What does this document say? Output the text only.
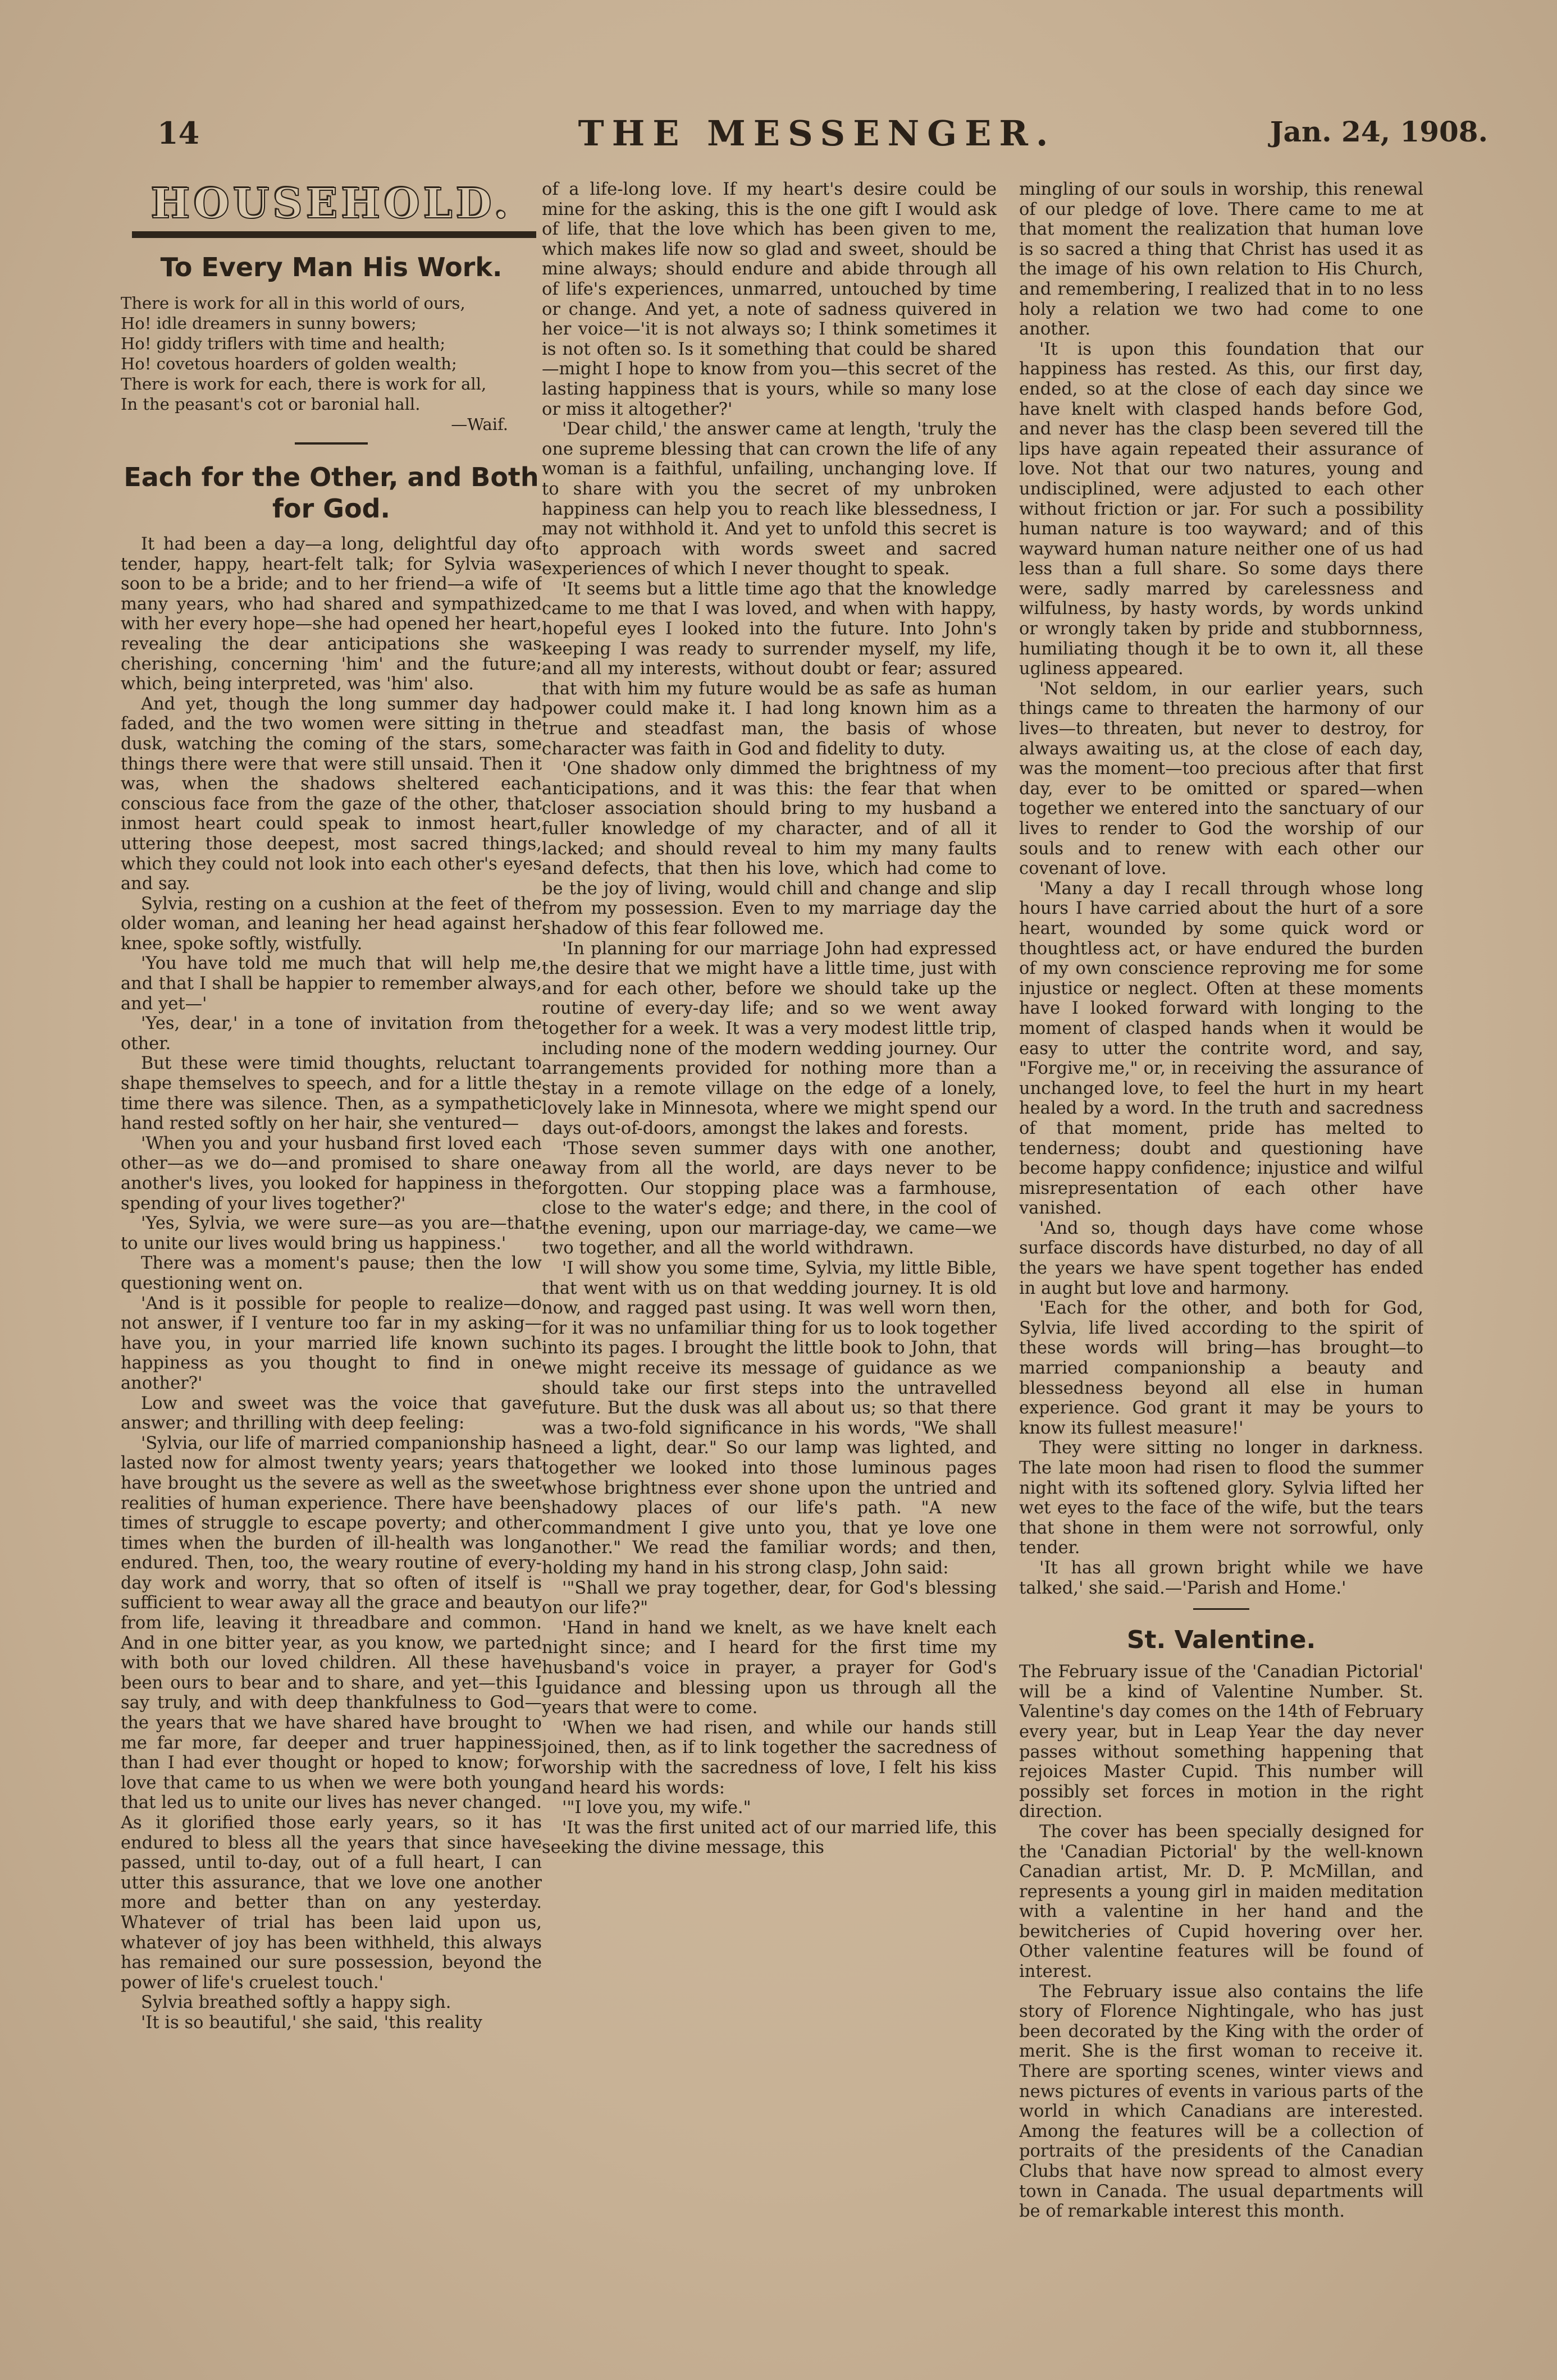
14	THE MESSENGER.	Jan. 24, 1908.
HOUSEHOLD.
To Every Man His Work.
There is work for all in this world of ours,
Ho! idle dreamers in sunny bowers;
Ho! giddy triflers with time and health;
Ho! covetous hoarders of golden wealth;
There is work for each, there is work for all,
In the peasant's cot or baronial hall.
—Waif.
Each for the Other, and Both for God.

It had been a day—a long, delightful day of tender, happy, heart-felt talk; for Sylvia was soon to be a bride; and to her friend—a wife of many years, who had shared and sympathized with her every hope—she had opened her heart, revealing the dear anticipations she was cherishing, concerning 'him' and the future; which, being interpreted, was 'him' also.

And yet, though the long summer day had faded, and the two women were sitting in the dusk, watching the coming of the stars, some things there were that were still unsaid. Then it was, when the shadows sheltered each conscious face from the gaze of the other, that inmost heart could speak to inmost heart, uttering those deepest, most sacred things, which they could not look into each other's eyes and say.

Sylvia, resting on a cushion at the feet of the older woman, and leaning her head against her knee, spoke softly, wistfully.

'You have told me much that will help me, and that I shall be happier to remember always, and yet—'

'Yes, dear,' in a tone of invitation from the other.

But these were timid thoughts, reluctant to shape themselves to speech, and for a little the time there was silence. Then, as a sympathetic hand rested softly on her hair, she ventured—

'When you and your husband first loved each other—as we do—and promised to share one another's lives, you looked for happiness in the spending of your lives together?'

'Yes, Sylvia, we were sure—as you are—that to unite our lives would bring us happiness.'

There was a moment's pause; then the low questioning went on.

'And is it possible for people to realize—do not answer, if I venture too far in my asking—have you, in your married life known such happiness as you thought to find in one another?'

Low and sweet was the voice that gave answer; and thrilling with deep feeling:

'Sylvia, our life of married companionship has lasted now for almost twenty years; years that have brought us the severe as well as the sweet realities of human experience. There have been times of struggle to escape poverty; and other times when the burden of ill-health was long endured. Then, too, the weary routine of every-day work and worry, that so often of itself is sufficient to wear away all the grace and beauty from life, leaving it threadbare and common. And in one bitter year, as you know, we parted with both our loved children. All these have been ours to bear and to share, and yet—this I say truly, and with deep thankfulness to God—the years that we have shared have brought to me far more, far deeper and truer happiness than I had ever thought or hoped to know; for love that came to us when we were both young that led us to unite our lives has never changed. As it glorified those early years, so it has endured to bless all the years that since have passed, until to-day, out of a full heart, I can utter this assurance, that we love one another more and better than on any yesterday. Whatever of trial has been laid upon us, whatever of joy has been withheld, this always has remained our sure possession, beyond the power of life's cruelest touch.'

Sylvia breathed softly a happy sigh.

'It is so beautiful,' she said, 'this reality

of a life-long love. If my heart's desire could be mine for the asking, this is the one gift I would ask of life, that the love which has been given to me, which makes life now so glad and sweet, should be mine always; should endure and abide through all of life's experiences, unmarred, untouched by time or change. And yet, a note of sadness quivered in her voice—'it is not always so; I think sometimes it is not often so. Is it something that could be shared—might I hope to know from you—this secret of the lasting happiness that is yours, while so many lose or miss it altogether?'

'Dear child,' the answer came at length, 'truly the one supreme blessing that can crown the life of any woman is a faithful, unfailing, unchanging love. If to share with you the secret of my unbroken happiness can help you to reach like blessedness, I may not withhold it. And yet to unfold this secret is to approach with words sweet and sacred experiences of which I never thought to speak.

'It seems but a little time ago that the knowledge came to me that I was loved, and when with happy, hopeful eyes I looked into the future. Into John's keeping I was ready to surrender myself, my life, and all my interests, without doubt or fear; assured that with him my future would be as safe as human power could make it. I had long known him as a true and steadfast man, the basis of whose character was faith in God and fidelity to duty.

'One shadow only dimmed the brightness of my anticipations, and it was this: the fear that when closer association should bring to my husband a fuller knowledge of my character, and of all it lacked; and should reveal to him my many faults and defects, that then his love, which had come to be the joy of living, would chill and change and slip from my possession. Even to my marriage day the shadow of this fear followed me.

'In planning for our marriage John had expressed the desire that we might have a little time, just with and for each other, before we should take up the routine of every-day life; and so we went away together for a week. It was a very modest little trip, including none of the modern wedding journey. Our arrangements provided for nothing more than a stay in a remote village on the edge of a lonely, lovely lake in Minnesota, where we might spend our days out-of-doors, amongst the lakes and forests.

'Those seven summer days with one another, away from all the world, are days never to be forgotten. Our stopping place was a farmhouse, close to the water's edge; and there, in the cool of the evening, upon our marriage-day, we came—we two together, and all the world withdrawn.

'I will show you some time, Sylvia, my little Bible, that went with us on that wedding journey. It is old now, and ragged past using. It was well worn then, for it was no unfamiliar thing for us to look together into its pages. I brought the little book to John, that we might receive its message of guidance as we should take our first steps into the untravelled future. But the dusk was all about us; so that there was a two-fold significance in his words, "We shall need a light, dear." So our lamp was lighted, and together we looked into those luminous pages whose brightness ever shone upon the untried and shadowy places of our life's path. "A new commandment I give unto you, that ye love one another." We read the familiar words; and then, holding my hand in his strong clasp, John said:

'"Shall we pray together, dear, for God's blessing on our life?"

'Hand in hand we knelt, as we have knelt each night since; and I heard for the first time my husband's voice in prayer, a prayer for God's guidance and blessing upon us through all the years that were to come.

'When we had risen, and while our hands still joined, then, as if to link together the sacredness of worship with the sacredness of love, I felt his kiss and heard his words:

'"I love you, my wife."

'It was the first united act of our married life, this seeking the divine message, this

mingling of our souls in worship, this renewal of our pledge of love. There came to me at that moment the realization that human love is so sacred a thing that Christ has used it as the image of his own relation to His Church, and remembering, I realized that in to no less holy a relation we two had come to one another.

'It is upon this foundation that our happiness has rested. As this, our first day, ended, so at the close of each day since we have knelt with clasped hands before God, and never has the clasp been severed till the lips have again repeated their assurance of love. Not that our two natures, young and undisciplined, were adjusted to each other without friction or jar. For such a possibility human nature is too wayward; and of this wayward human nature neither one of us had less than a full share. So some days there were, sadly marred by carelessness and wilfulness, by hasty words, by words unkind or wrongly taken by pride and stubbornness, humiliating though it be to own it, all these ugliness appeared.

'Not seldom, in our earlier years, such things came to threaten the harmony of our lives—to threaten, but never to destroy, for always awaiting us, at the close of each day, was the moment—too precious after that first day, ever to be omitted or spared—when together we entered into the sanctuary of our lives to render to God the worship of our souls and to renew with each other our covenant of love.

'Many a day I recall through whose long hours I have carried about the hurt of a sore heart, wounded by some quick word or thoughtless act, or have endured the burden of my own conscience reproving me for some injustice or neglect. Often at these moments have I looked forward with longing to the moment of clasped hands when it would be easy to utter the contrite word, and say, "Forgive me," or, in receiving the assurance of unchanged love, to feel the hurt in my heart healed by a word. In the truth and sacredness of that moment, pride has melted to tenderness; doubt and questioning have become happy confidence; injustice and wilful misrepresentation of each other have vanished.

'And so, though days have come whose surface discords have disturbed, no day of all the years we have spent together has ended in aught but love and harmony.

'Each for the other, and both for God, Sylvia, life lived according to the spirit of these words will bring—has brought—to married companionship a beauty and blessedness beyond all else in human experience. God grant it may be yours to know its fullest measure!'

They were sitting no longer in darkness. The late moon had risen to flood the summer night with its softened glory. Sylvia lifted her wet eyes to the face of the wife, but the tears that shone in them were not sorrowful, only tender.

'It has all grown bright while we have talked,' she said.—'Parish and Home.'

St. Valentine.

The February issue of the 'Canadian Pictorial' will be a kind of Valentine Number. St. Valentine's day comes on the 14th of February every year, but in Leap Year the day never passes without something happening that rejoices Master Cupid. This number will possibly set forces in motion in the right direction.

The cover has been specially designed for the 'Canadian Pictorial' by the well-known Canadian artist, Mr. D. P. McMillan, and represents a young girl in maiden meditation with a valentine in her hand and the bewitcheries of Cupid hovering over her. Other valentine features will be found of interest.

The February issue also contains the life story of Florence Nightingale, who has just been decorated by the King with the order of merit. She is the first woman to receive it. There are sporting scenes, winter views and news pictures of events in various parts of the world in which Canadians are interested. Among the features will be a collection of portraits of the presidents of the Canadian Clubs that have now spread to almost every town in Canada. The usual departments will be of remarkable interest this month.
